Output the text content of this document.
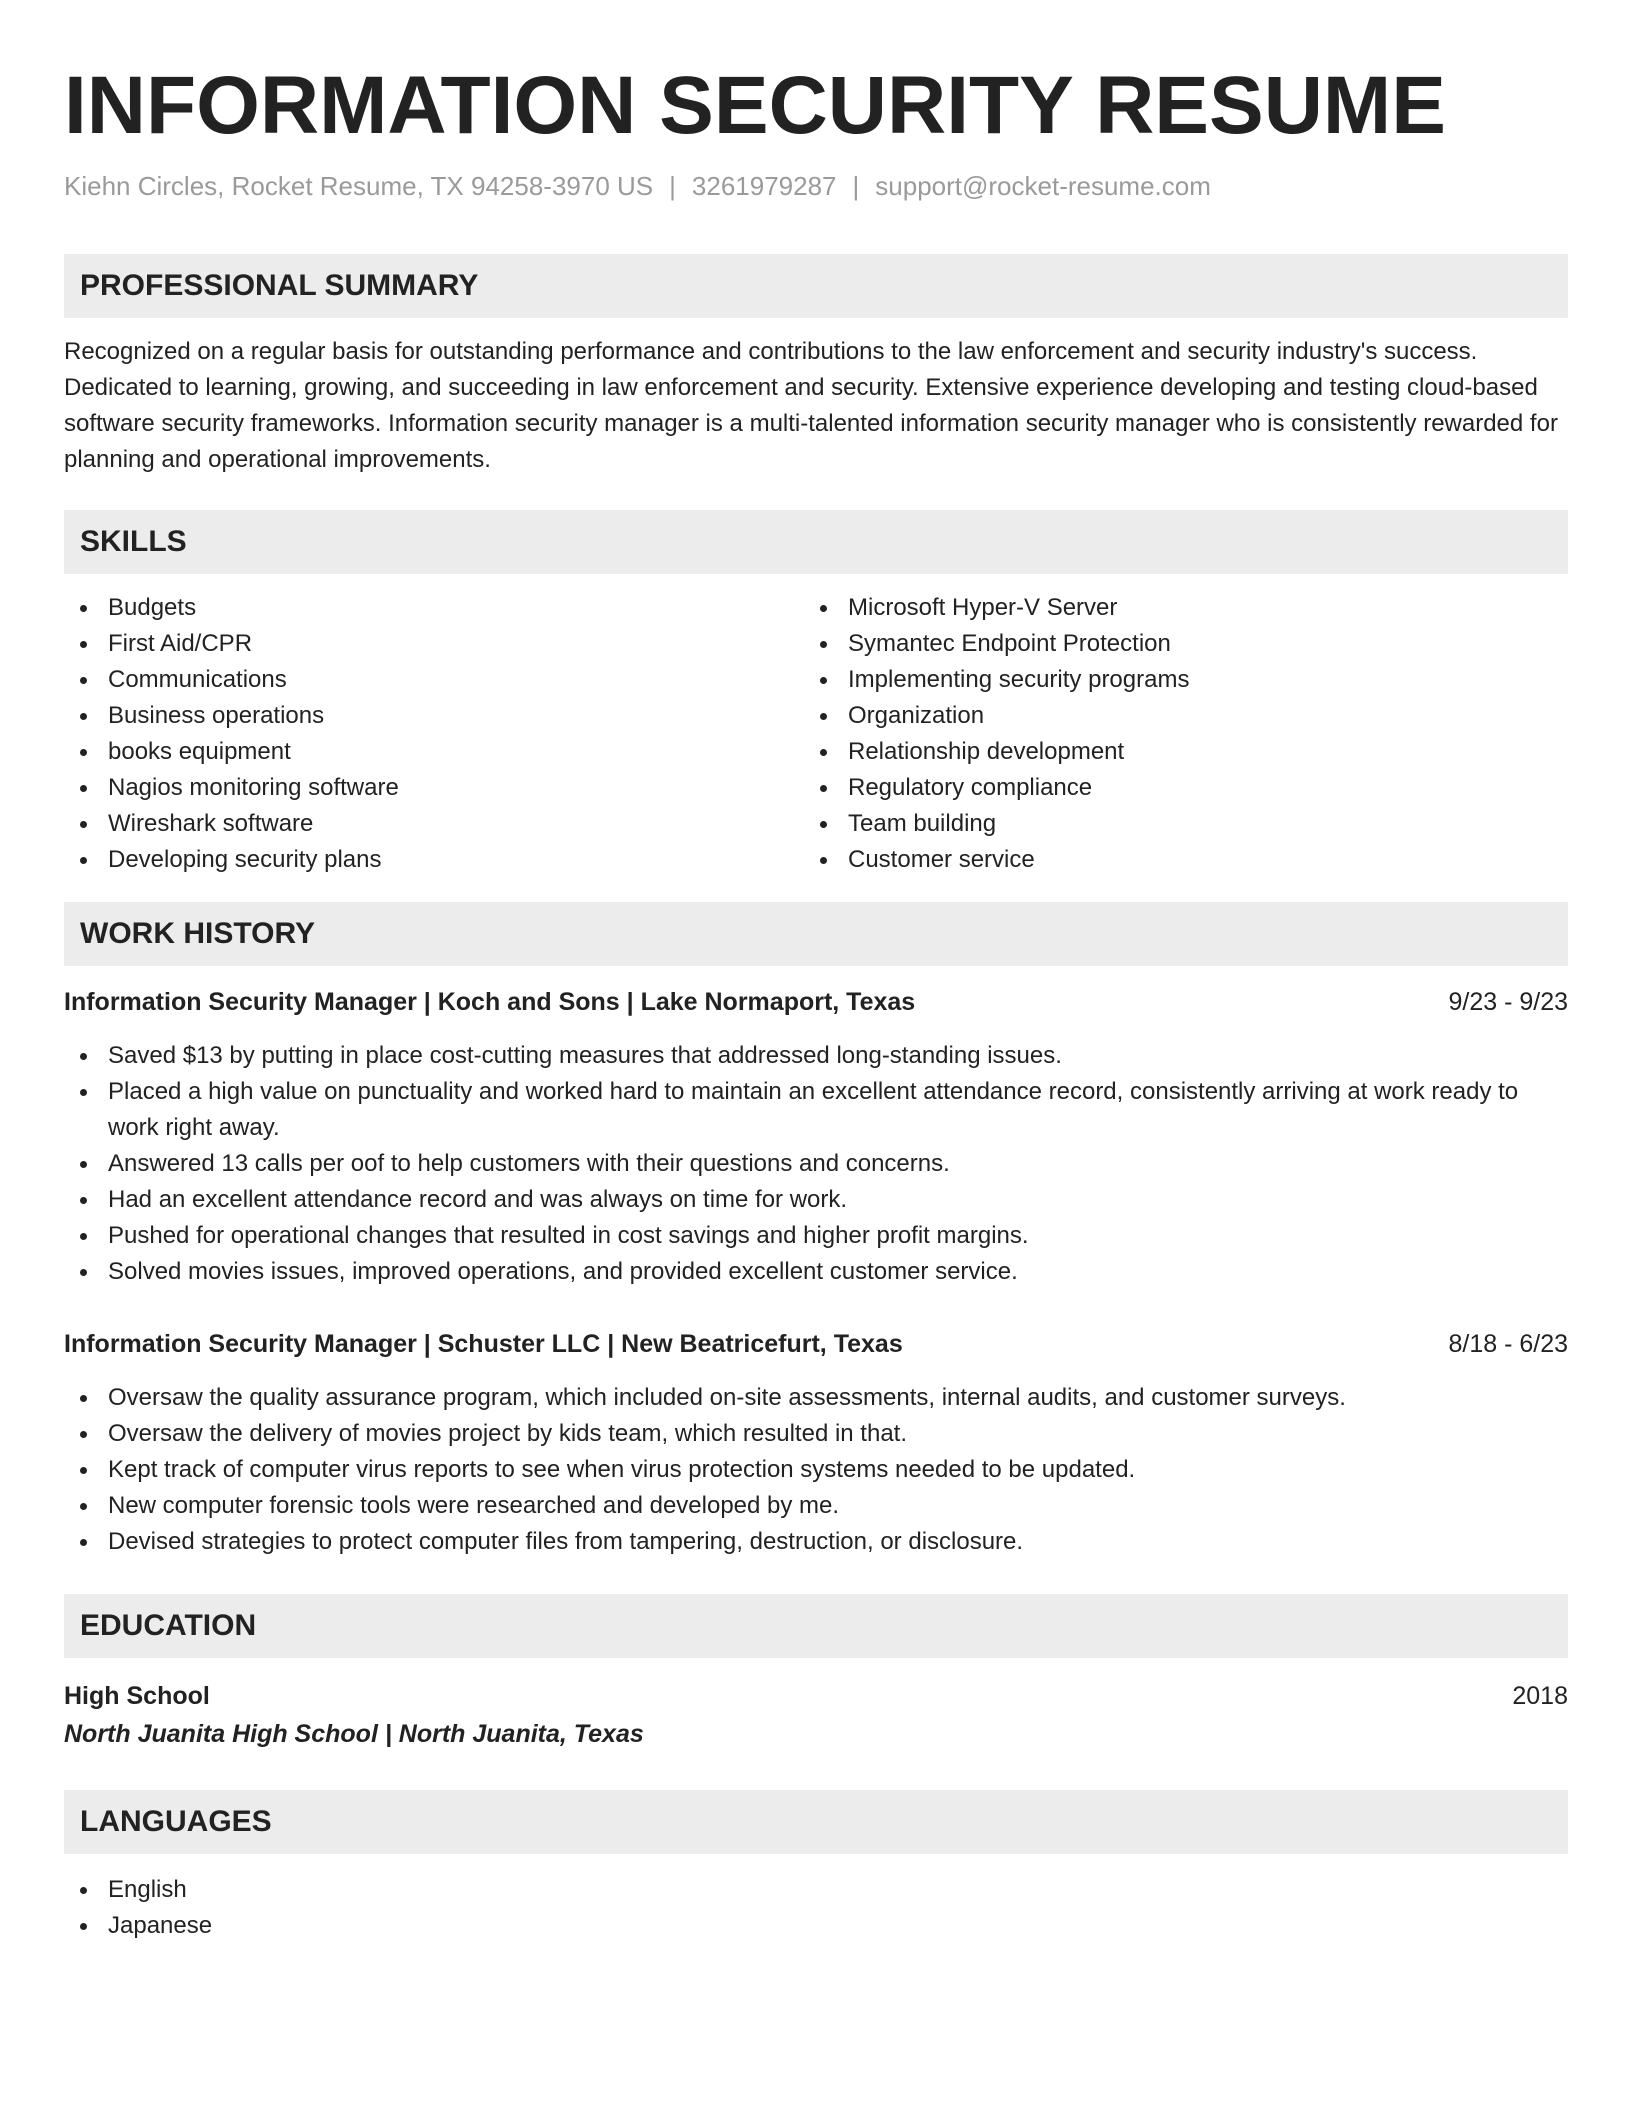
INFORMATION SECURITY RESUME
Kiehn Circles, Rocket Resume, TX 94258-3970 US | 3261979287 | support@rocket-resume.com
PROFESSIONAL SUMMARY
Recognized on a regular basis for outstanding performance and contributions to the law enforcement and security industry's success. Dedicated to learning, growing, and succeeding in law enforcement and security. Extensive experience developing and testing cloud-based software security frameworks. Information security manager is a multi-talented information security manager who is consistently rewarded for planning and operational improvements.
SKILLS
Budgets
First Aid/CPR
Communications
Business operations
books equipment
Nagios monitoring software
Wireshark software
Developing security plans
Microsoft Hyper-V Server
Symantec Endpoint Protection
Implementing security programs
Organization
Relationship development
Regulatory compliance
Team building
Customer service
WORK HISTORY
Information Security Manager | Koch and Sons | Lake Normaport, Texas	9/23 - 9/23
Saved $13 by putting in place cost-cutting measures that addressed long-standing issues.
Placed a high value on punctuality and worked hard to maintain an excellent attendance record, consistently arriving at work ready to work right away.
Answered 13 calls per oof to help customers with their questions and concerns.
Had an excellent attendance record and was always on time for work.
Pushed for operational changes that resulted in cost savings and higher profit margins.
Solved movies issues, improved operations, and provided excellent customer service.
Information Security Manager | Schuster LLC | New Beatricefurt, Texas	8/18 - 6/23
Oversaw the quality assurance program, which included on-site assessments, internal audits, and customer surveys.
Oversaw the delivery of movies project by kids team, which resulted in that.
Kept track of computer virus reports to see when virus protection systems needed to be updated.
New computer forensic tools were researched and developed by me.
Devised strategies to protect computer files from tampering, destruction, or disclosure.
EDUCATION
High School	2018
North Juanita High School | North Juanita, Texas
LANGUAGES
English
Japanese
